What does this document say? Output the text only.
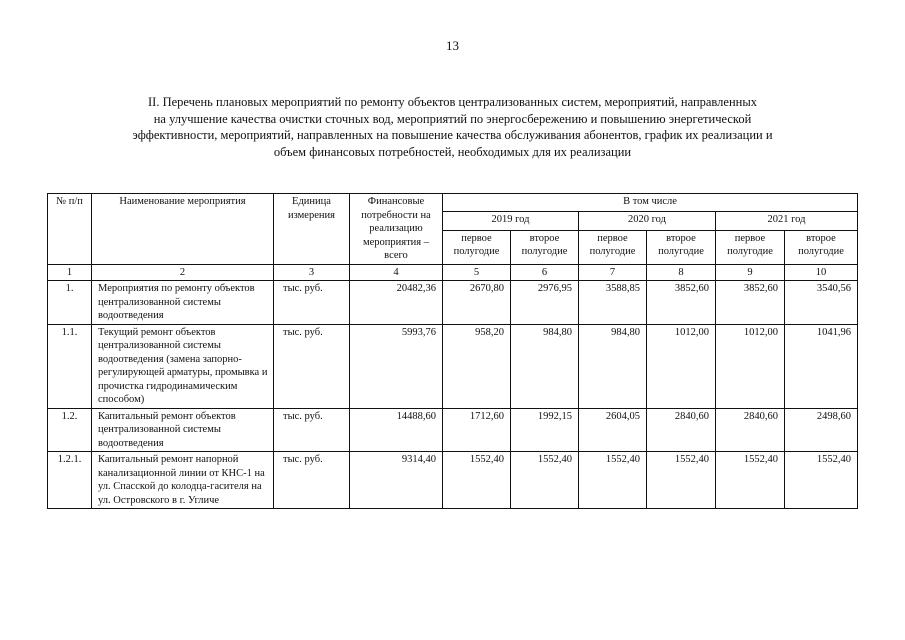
13
II. Перечень плановых мероприятий по ремонту объектов централизованных систем, мероприятий, направленных
на улучшение качества очистки сточных вод, мероприятий по энергосбережению и повышению энергетической
эффективности, мероприятий, направленных на повышение качества обслуживания абонентов, график их реализации и
объем финансовых потребностей, необходимых для их реализации
№ п/п	Наименование мероприятия	Единица измерения	Финансовые потребности на реализацию мероприятия – всего	В том числе					
				2019 год		2020 год		2021 год	
				первое полугодие	второе полугодие	первое полугодие	второе полугодие	первое полугодие	второе полугодие
1	2	3	4	5	6	7	8	9	10
1.	Мероприятия по ремонту объектов централизованной системы водоотведения	тыс. руб.	20482,36	2670,80	2976,95	3588,85	3852,60	3852,60	3540,56
1.1.	Текущий ремонт объектов централизованной системы водоотведения (замена запорно-регулирующей арматуры, промывка и прочистка гидродинамическим способом)	тыс. руб.	5993,76	958,20	984,80	984,80	1012,00	1012,00	1041,96
1.2.	Капитальный ремонт объектов централизованной системы водоотведения	тыс. руб.	14488,60	1712,60	1992,15	2604,05	2840,60	2840,60	2498,60
1.2.1.	Капитальный ремонт напорной канализационной линии от КНС-1 на ул. Спасской до колодца-гасителя на ул. Островского в г. Угличе	тыс. руб.	9314,40	1552,40	1552,40	1552,40	1552,40	1552,40	1552,40
